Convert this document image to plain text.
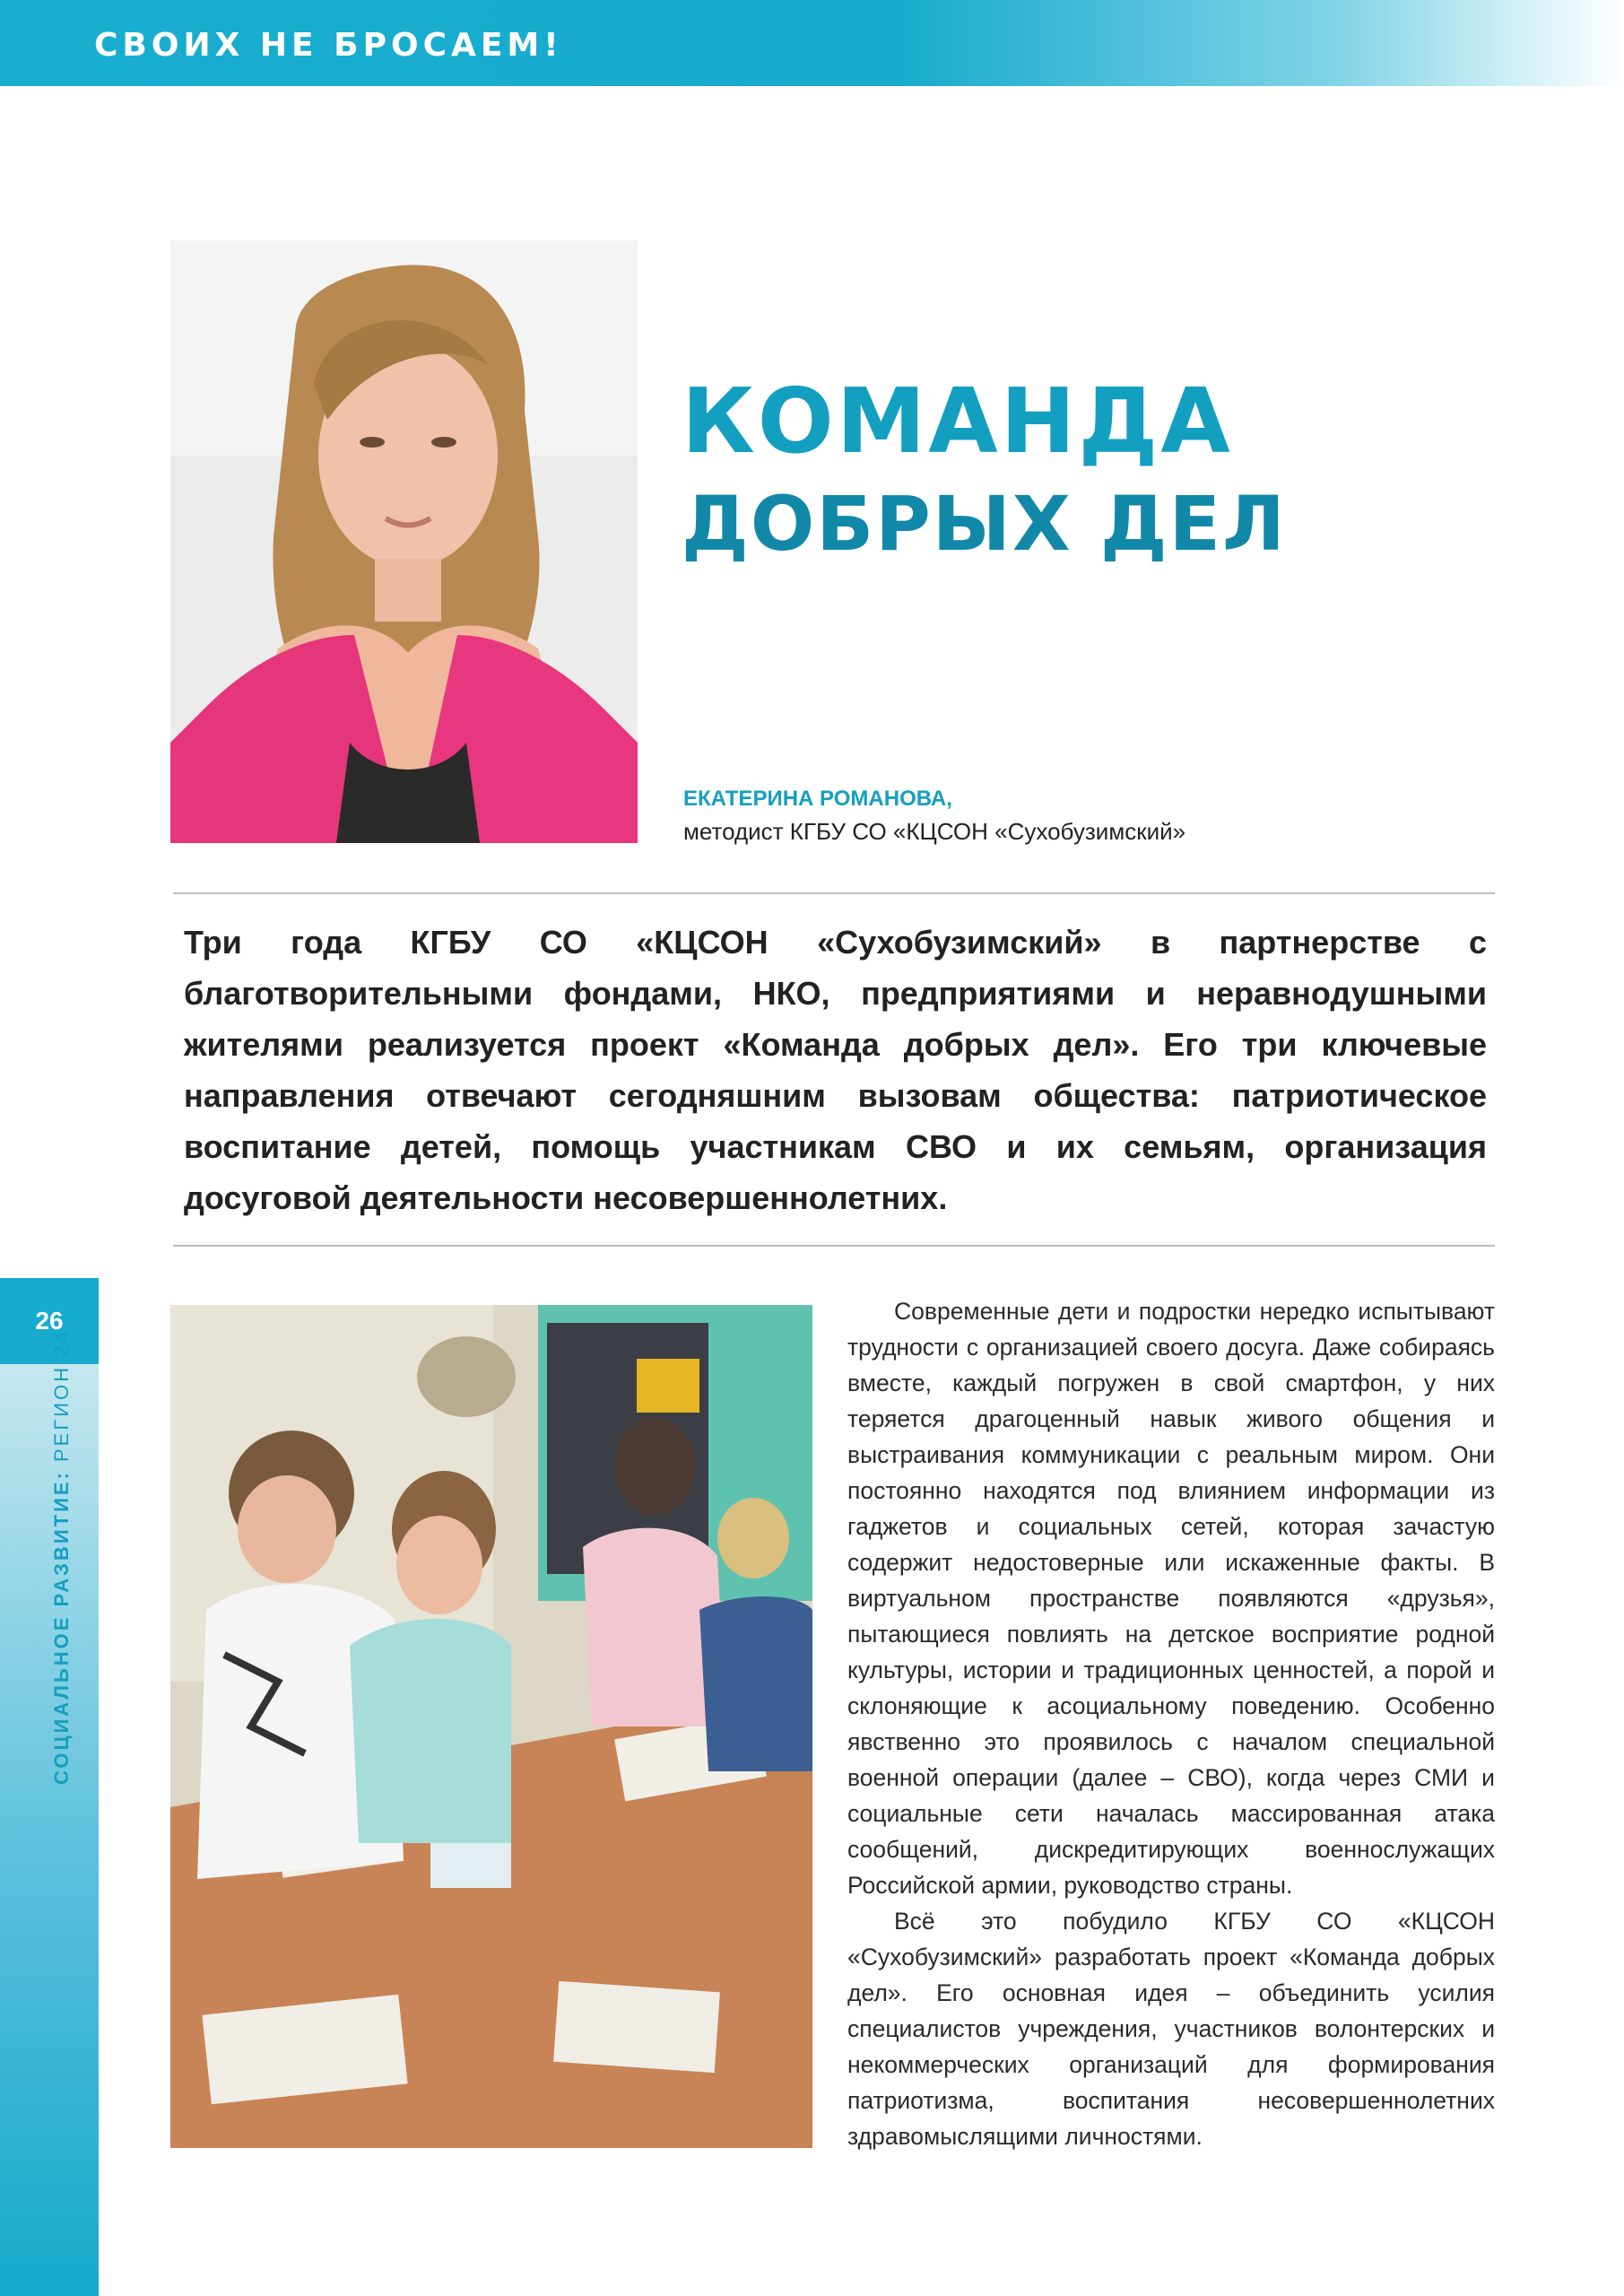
СВОИХ НЕ БРОСАЕМ!
26
СОЦИАЛЬНОЕ РАЗВИТИЕ: РЕГИОН 24
КОМАНДА
ДОБРЫХ ДЕЛ
ЕКАТЕРИНА РОМАНОВА,
методист КГБУ СО «КЦСОН «Сухобузимский»

Три года КГБУ СО «КЦСОН «Сухобузимский» в партнерстве с благотворительными фондами, НКО, предприятиями и неравнодушными жителями реализуется проект «Команда добрых дел». Его три ключевые направления отвечают сегодняшним вызовам общества: патриотическое воспитание детей, помощь участникам СВО и их семьям, организация досуговой деятельности несовершеннолетних.

Современные дети и подростки нередко испытывают трудности с организацией своего досуга. Даже собираясь вместе, каждый погружен в свой смартфон, у них теряется драгоценный навык живого общения и выстраивания коммуникации с реальным миром. Они постоянно находятся под влиянием информации из гаджетов и социальных сетей, которая зачастую содержит недостоверные или искаженные факты. В виртуальном пространстве появляются «друзья», пытающиеся повлиять на детское восприятие родной культуры, истории и традиционных ценностей, а порой и склоняющие к асоциальному поведению. Особенно явственно это проявилось с началом специальной военной операции (далее – СВО), когда через СМИ и социальные сети началась массированная атака сообщений, дискредитирующих военнослужащих Российской армии, руководство страны.

Всё это побудило КГБУ СО «КЦСОН «Сухобузимский» разработать проект «Команда добрых дел». Его основная идея – объединить усилия специалистов учреждения, участников волонтерских и некоммерческих организаций для формирования патриотизма, воспитания несовершеннолетних здравомыслящими личностями.
